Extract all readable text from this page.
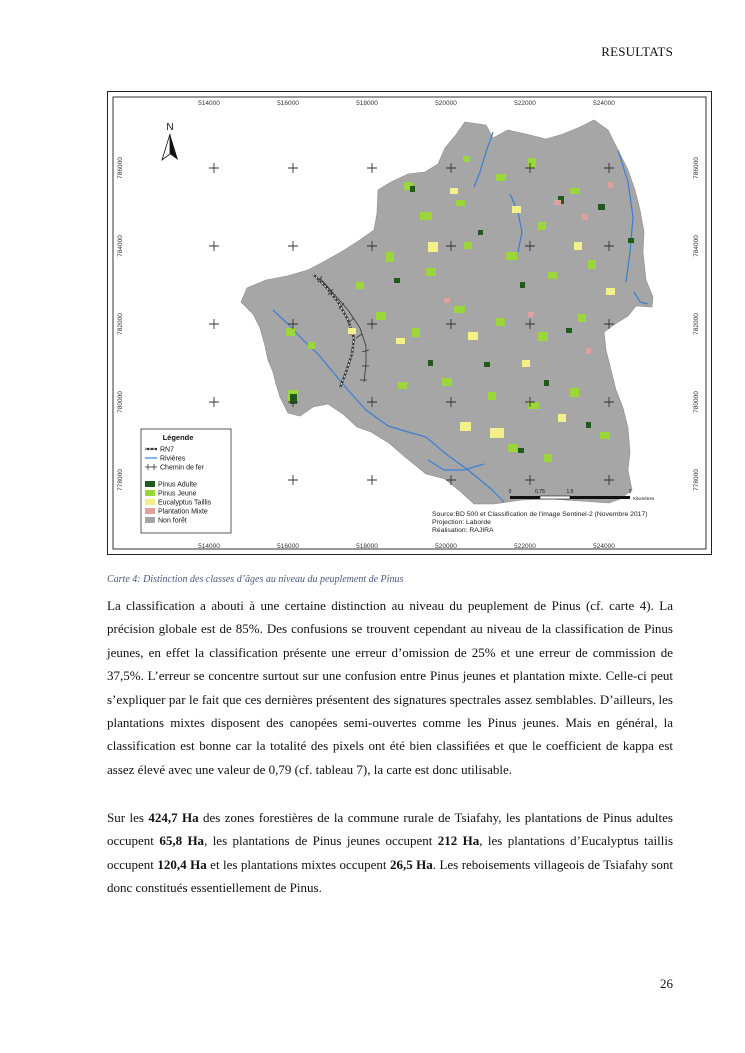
RESULTATS
514000	516000	518000	520000	522000	524000
514000	516000	518000	520000	522000	524000
786000
784000
782000
780000
778000
786000
784000
782000
780000
778000
N
Légende
RN7
Rivières
Chemin de fer
Pinus Adulte
Pinus Jeune
Eucalyptus Taillis
Plantation Mixte
Non forêt
0	0.75	1.5	3
Kilomètres
Source:BD 500 et Classification de l'image Sentinel-2 (Novembre 2017)
Projection: Laborde
Réalisation: RAJIRA
Carte 4: Distinction des classes d’âges au niveau du peuplement de Pinus

La classification a abouti à une certaine distinction au niveau du peuplement de Pinus (cf. carte 4). La précision globale est de 85%. Des confusions se trouvent cependant au niveau de la classification de Pinus jeunes, en effet la classification présente une erreur d’omission de 25% et une erreur de commission de 37,5%. L’erreur se concentre surtout sur une confusion entre Pinus jeunes et plantation mixte. Celle-ci peut s’expliquer par le fait que ces dernières présentent des signatures spectrales assez semblables. D’ailleurs, les plantations mixtes disposent des canopées semi-ouvertes comme les Pinus jeunes. Mais en général, la classification est bonne car la totalité des pixels ont été bien classifiées et que le coefficient de kappa est assez élevé avec une valeur de 0,79 (cf. tableau 7), la carte est donc utilisable.

Sur les 424,7 Ha des zones forestières de la commune rurale de Tsiafahy, les plantations de Pinus adultes occupent 65,8 Ha, les plantations de Pinus jeunes occupent 212 Ha, les plantations d’Eucalyptus taillis occupent 120,4 Ha et les plantations mixtes occupent 26,5 Ha. Les reboisements villageois de Tsiafahy sont donc constitués essentiellement de Pinus.

26
